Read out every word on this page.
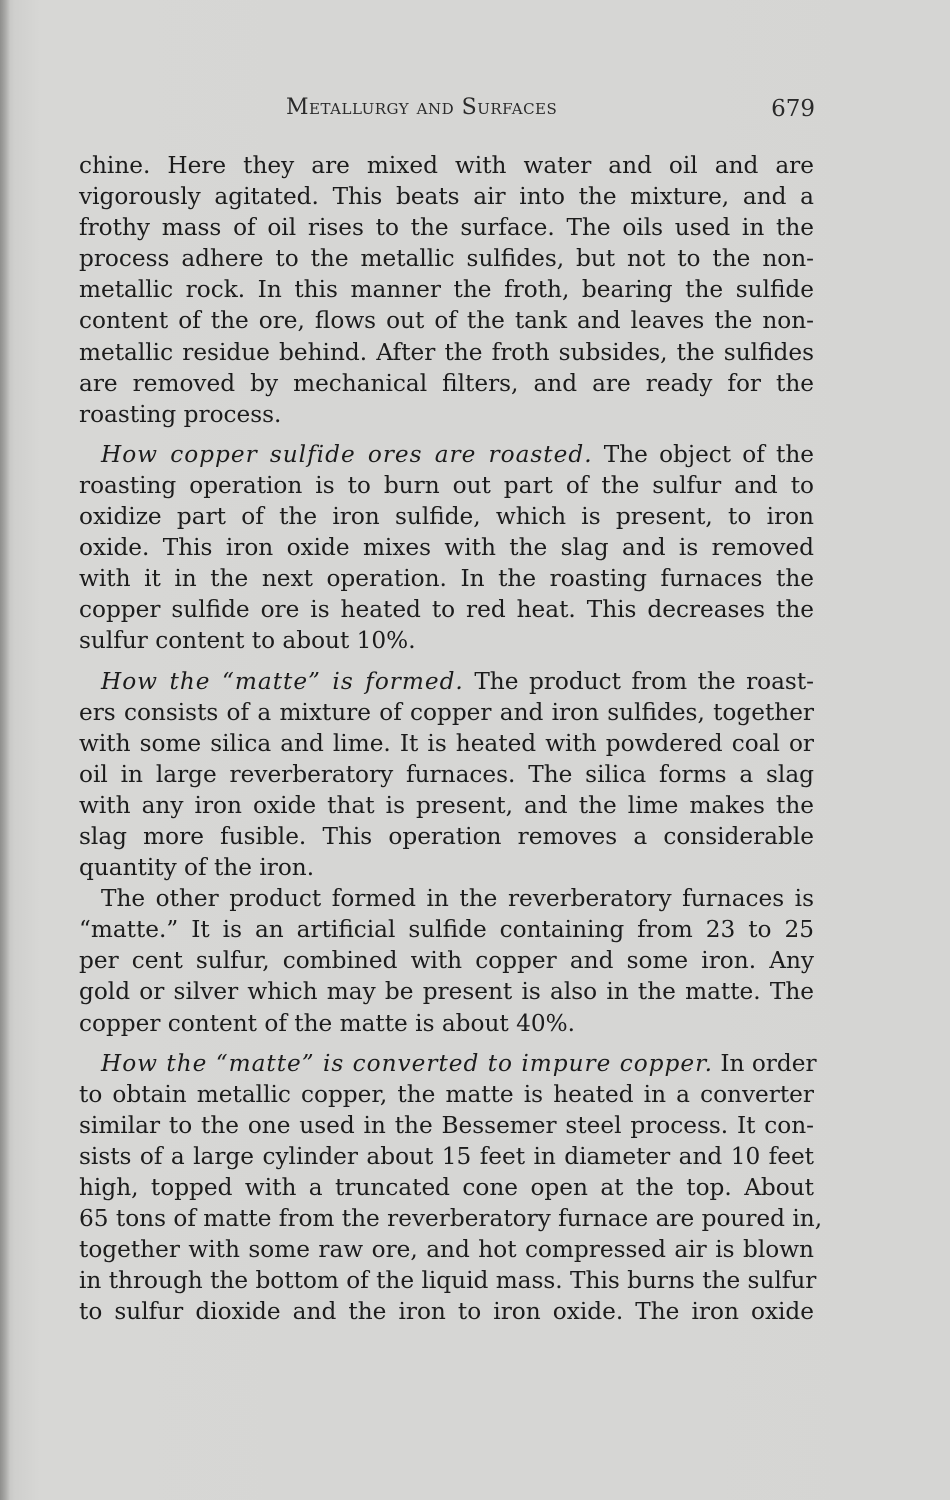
Metallurgy and Surfaces	679
chine. Here they are mixed with water and oil and are
vigorously agitated. This beats air into the mixture, and a
frothy mass of oil rises to the surface. The oils used in the
process adhere to the metallic sulfides, but not to the non-
metallic rock. In this manner the froth, bearing the sulfide
content of the ore, flows out of the tank and leaves the non-
metallic residue behind. After the froth subsides, the sulfides
are removed by mechanical filters, and are ready for the
roasting process.
How copper sulfide ores are roasted. The object of the
roasting operation is to burn out part of the sulfur and to
oxidize part of the iron sulfide, which is present, to iron
oxide. This iron oxide mixes with the slag and is removed
with it in the next operation. In the roasting furnaces the
copper sulfide ore is heated to red heat. This decreases the
sulfur content to about 10%.
How the “matte” is formed. The product from the roast-
ers consists of a mixture of copper and iron sulfides, together
with some silica and lime. It is heated with powdered coal or
oil in large reverberatory furnaces. The silica forms a slag
with any iron oxide that is present, and the lime makes the
slag more fusible. This operation removes a considerable
quantity of the iron.
The other product formed in the reverberatory furnaces is
“matte.” It is an artificial sulfide containing from 23 to 25
per cent sulfur, combined with copper and some iron. Any
gold or silver which may be present is also in the matte. The
copper content of the matte is about 40%.
How the “matte” is converted to impure copper. In order
to obtain metallic copper, the matte is heated in a converter
similar to the one used in the Bessemer steel process. It con-
sists of a large cylinder about 15 feet in diameter and 10 feet
high, topped with a truncated cone open at the top. About
65 tons of matte from the reverberatory furnace are poured in,
together with some raw ore, and hot compressed air is blown
in through the bottom of the liquid mass. This burns the sulfur
to sulfur dioxide and the iron to iron oxide. The iron oxide
